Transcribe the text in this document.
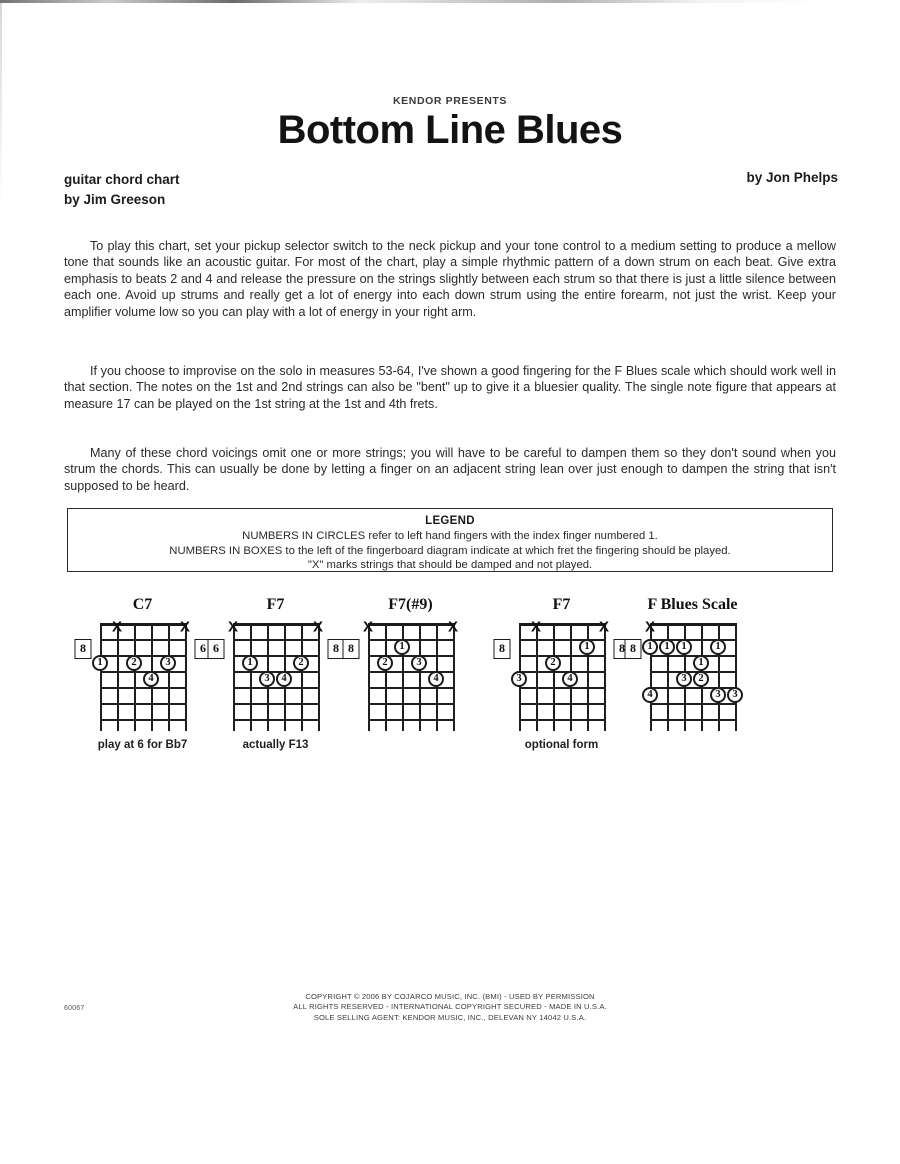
KENDOR PRESENTS
Bottom Line Blues
guitar chord chart
by Jim Greeson
by Jon Phelps

To play this chart, set your pickup selector switch to the neck pickup and your tone control to a medium setting to produce a mellow tone that sounds like an acoustic guitar. For most of the chart, play a simple rhythmic pattern of a down strum on each beat. Give extra emphasis to beats 2 and 4 and release the pressure on the strings slightly between each strum so that there is just a little silence between each one. Avoid up strums and really get a lot of energy into each down strum using the entire forearm, not just the wrist. Keep your amplifier volume low so you can play with a lot of energy in your right arm.

If you choose to improvise on the solo in measures 53-64, I've shown a good fingering for the F Blues scale which should work well in that section. The notes on the 1st and 2nd strings can also be "bent" up to give it a bluesier quality. The single note figure that appears at measure 17 can be played on the 1st string at the 1st and 4th frets.

Many of these chord voicings omit one or more strings; you will have to be careful to dampen them so they don't sound when you strum the chords. This can usually be done by letting a finger on an adjacent string lean over just enough to dampen the string that isn't supposed to be heard.

LEGEND
NUMBERS IN CIRCLES refer to left hand fingers with the index finger numbered 1.
NUMBERS IN BOXES to the left of the fingerboard diagram indicate at which fret the fingering should be played.
"X" marks strings that should be damped and not played.
C7
X	X
1	2	3
4
8	6
play at 6 for Bb7
F7
X	X
1	2
3	4
6	8
actually F13
F7(#9)
X	X
1
2	3
4
8
F7
X	X
1
2
3	4
8	8
optional form
F Blues Scale
X
1	1	1	1
1
3	2
4	3	3
8
60067
COPYRIGHT © 2006 BY COJARCO MUSIC, INC. (BMI) - USED BY PERMISSION
ALL RIGHTS RESERVED - INTERNATIONAL COPYRIGHT SECURED - MADE IN U.S.A.
SOLE SELLING AGENT: KENDOR MUSIC, INC., DELEVAN NY 14042 U.S.A.
